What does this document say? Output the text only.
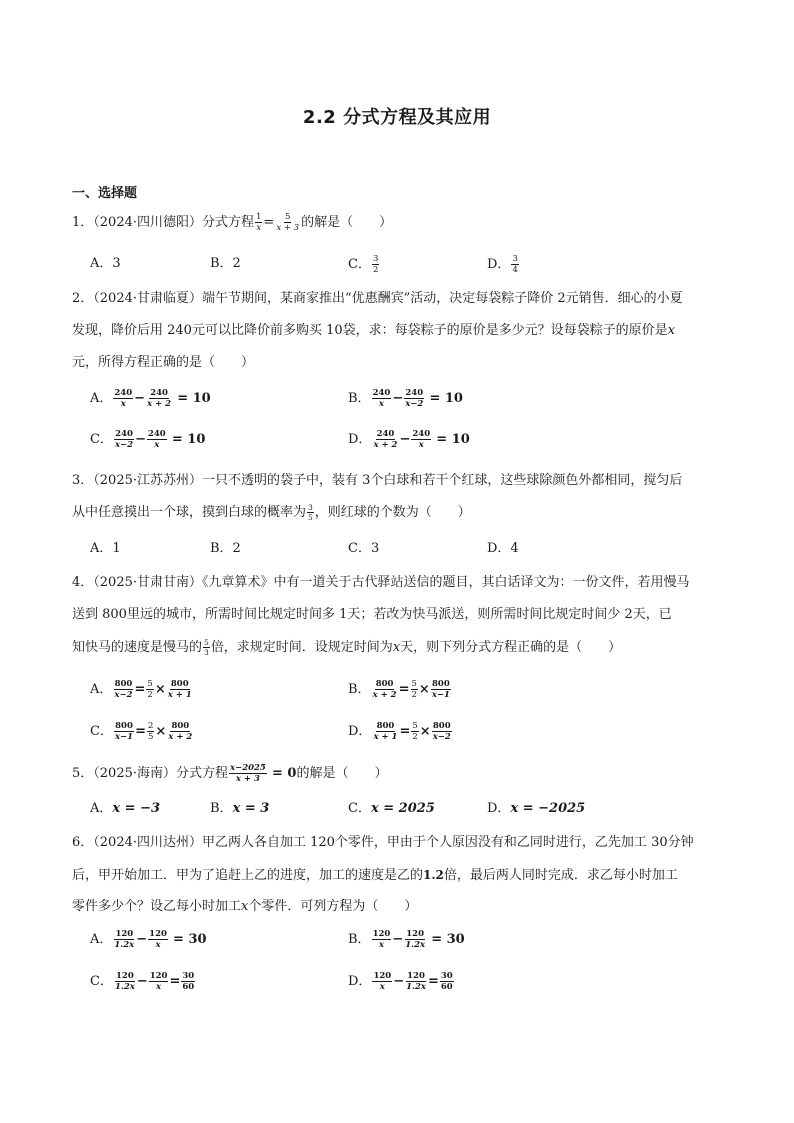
2.2 分式方程及其应用
一、选择题
1．（2024·四川德阳）分式方程 $\frac{1}{x} = \frac{5}{x + 3}$ 的解是（　　）
A．3	B．2	C． $\frac{3}{2}$	D． $\frac{3}{4}$
2．（2024·甘肃临夏）端午节期间，某商家推出“优惠酬宾”活动，决定每袋粽子降价 2元销售．细心的小夏
发现，降价后用 240元可以比降价前多购买 10袋，求：每袋粽子的原价是多少元？设每袋粽子的原价是x
元，所得方程正确的是（　　）
A． $\frac{240}{x} - \frac{240}{x + 2} = 10$	B． $\frac{240}{x} - \frac{240}{x-2} = 10$
C． $\frac{240}{x-2} - \frac{240}{x} = 10$	D． $\frac{240}{x + 2} - \frac{240}{x} = 10$
3．（2025·江苏苏州）一只不透明的袋子中，装有 3个白球和若干个红球，这些球除颜色外都相同，搅匀后
从中任意摸出一个球，摸到白球的概率为 $\frac{3}{5}$ ，则红球的个数为（　　）
A．1	B．2	C．3	D．4
4．（2025·甘肃甘南）《九章算术》中有一道关于古代驿站送信的题目，其白话译文为：一份文件，若用慢马
送到 800里远的城市，所需时间比规定时间多 1天；若改为快马派送，则所需时间比规定时间少 2天，已
知快马的速度是慢马的 $\frac{5}{3}$ 倍，求规定时间．设规定时间为x天，则下列分式方程正确的是（　　）
A． $\frac{800}{x-2} = \frac{5}{2} \times \frac{800}{x + 1}$	B． $\frac{800}{x + 2} = \frac{5}{2} \times \frac{800}{x-1}$
C． $\frac{800}{x-1} = \frac{2}{5} \times \frac{800}{x + 2}$	D． $\frac{800}{x + 1} = \frac{5}{2} \times \frac{800}{x-2}$
5．（2025·海南）分式方程 $\frac{x-2025}{x + 3} = 0$的解是（　　）
A．x = −3	B．x = 3	C．x = 2025	D．x = −2025
6．（2024·四川达州）甲乙两人各自加工 120个零件，甲由于个人原因没有和乙同时进行，乙先加工 30分钟
后，甲开始加工．甲为了追赶上乙的进度，加工的速度是乙的1.2倍，最后两人同时完成．求乙每小时加工
零件多少个？设乙每小时加工x个零件．可列方程为（　　）
A． $\frac{120}{1.2x} - \frac{120}{x} = 30$	B． $\frac{120}{x} - \frac{120}{1.2x} = 30$
C． $\frac{120}{1.2x} - \frac{120}{x} = \frac{30}{60}$	D． $\frac{120}{x} - \frac{120}{1.2x} = \frac{30}{60}$
